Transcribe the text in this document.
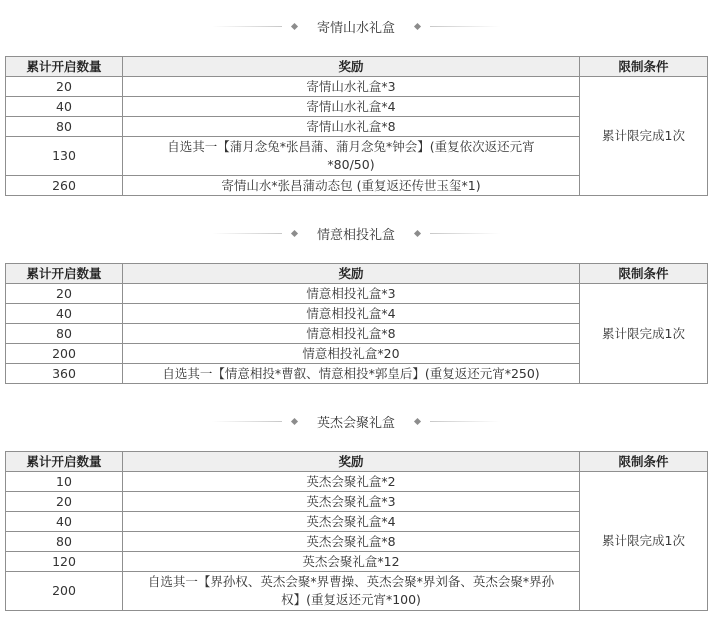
寄情山水礼盒
累计开启数量	奖励	限制条件
20	寄情山水礼盒*3	累计限完成1次
40	寄情山水礼盒*4	
80	寄情山水礼盒*8	
130	自选其一【蒲月念兔*张昌蒲、蒲月念兔*钟会】(重复依次返还元宵
*80/50)	
260	寄情山水*张昌蒲动态包 (重复返还传世玉玺*1)	
情意相投礼盒
累计开启数量	奖励	限制条件
20	情意相投礼盒*3	累计限完成1次
40	情意相投礼盒*4	
80	情意相投礼盒*8	
200	情意相投礼盒*20	
360	自选其一【情意相投*曹叡、情意相投*郭皇后】(重复返还元宵*250)	
英杰会聚礼盒
累计开启数量	奖励	限制条件
10	英杰会聚礼盒*2	累计限完成1次
20	英杰会聚礼盒*3	
40	英杰会聚礼盒*4	
80	英杰会聚礼盒*8	
120	英杰会聚礼盒*12	
200	自选其一【界孙权、英杰会聚*界曹操、英杰会聚*界刘备、英杰会聚*界孙
权】(重复返还元宵*100)	
